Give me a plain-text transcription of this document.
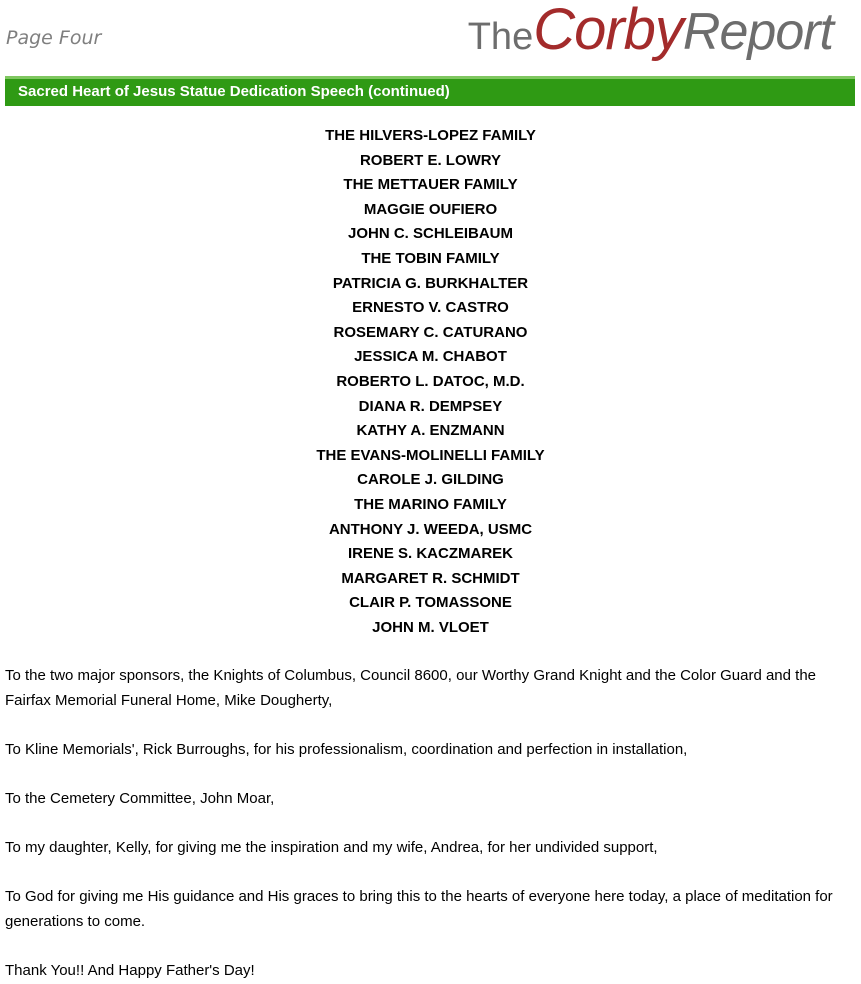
Page Four	TheCorbyReport
Sacred Heart of Jesus Statue Dedication Speech (continued)
THE HILVERS-LOPEZ FAMILY
ROBERT E. LOWRY
THE METTAUER FAMILY
MAGGIE OUFIERO
JOHN C. SCHLEIBAUM
THE TOBIN FAMILY
PATRICIA G. BURKHALTER
ERNESTO V. CASTRO
ROSEMARY C. CATURANO
JESSICA M. CHABOT
ROBERTO L. DATOC, M.D.
DIANA R. DEMPSEY
KATHY A. ENZMANN
THE EVANS-MOLINELLI FAMILY
CAROLE J. GILDING
THE MARINO FAMILY
ANTHONY J. WEEDA, USMC
IRENE S. KACZMAREK
MARGARET R. SCHMIDT
CLAIR P. TOMASSONE
JOHN M. VLOET

To the two major sponsors, the Knights of Columbus, Council 8600, our Worthy Grand Knight and the Color Guard and the Fairfax Memorial Funeral Home, Mike Dougherty,

To Kline Memorials', Rick Burroughs, for his professionalism, coordination and perfection in installation,

To the Cemetery Committee, John Moar,

To my daughter, Kelly, for giving me the inspiration and my wife, Andrea, for her undivided support,

To God for giving me His guidance and His graces to bring this to the hearts of everyone here today, a place of meditation for generations to come.

Thank You!! And Happy Father's Day!
